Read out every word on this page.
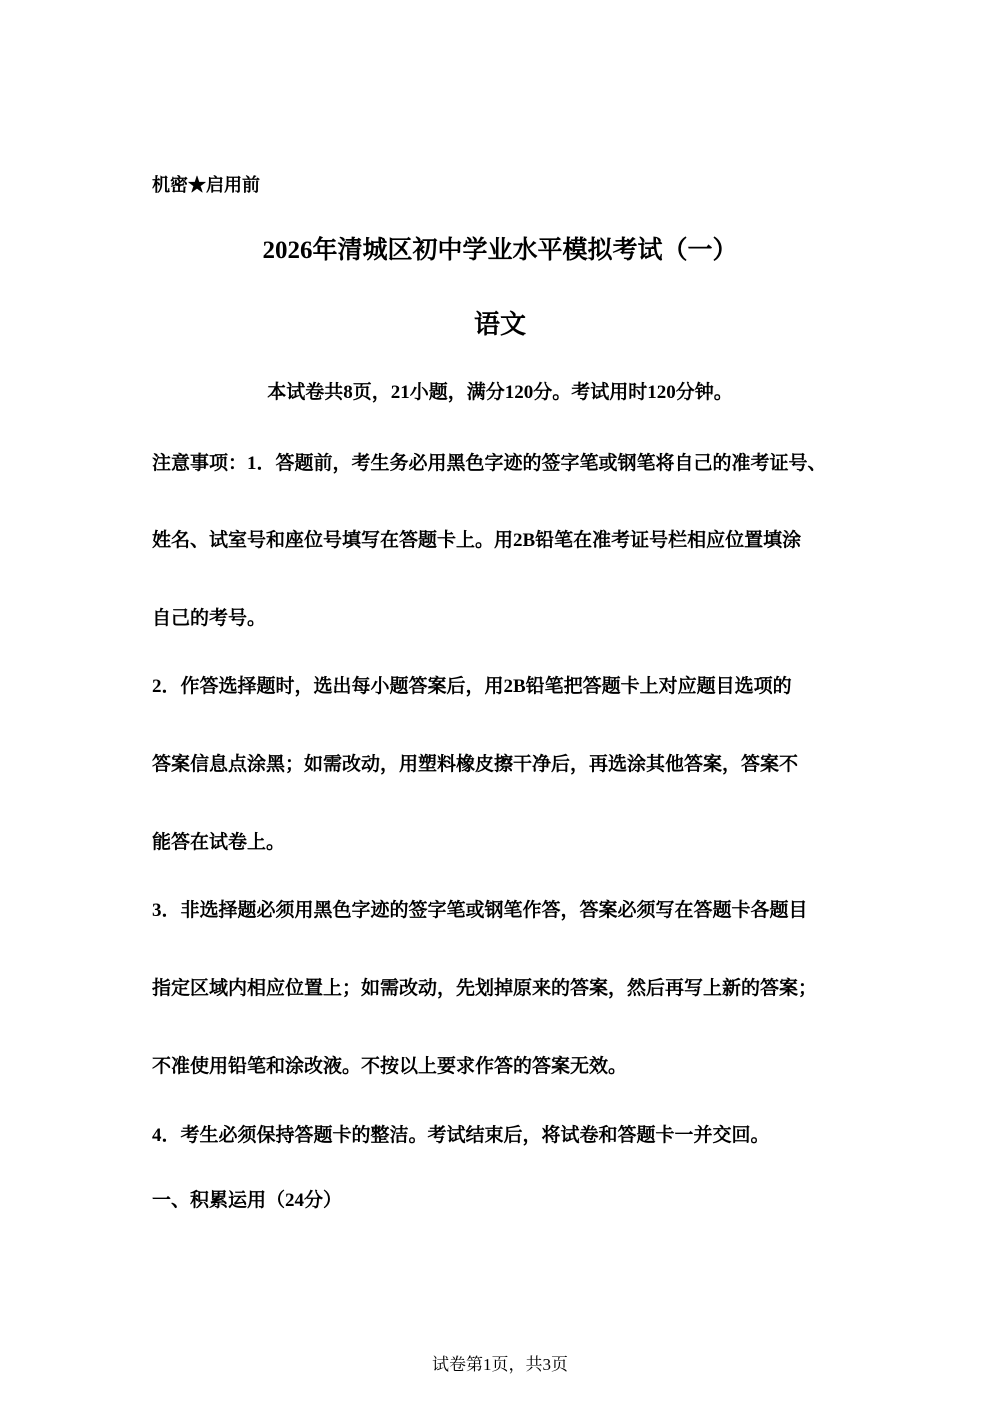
机密★启用前
2026年清城区初中学业水平模拟考试（一）
语文
本试卷共8页，21小题，满分120分。考试用时120分钟。
注意事项：1．答题前，考生务必用黑色字迹的签字笔或钢笔将自己的准考证号、
姓名、试室号和座位号填写在答题卡上。用2B铅笔在准考证号栏相应位置填涂
自己的考号。
2．作答选择题时，选出每小题答案后，用2B铅笔把答题卡上对应题目选项的
答案信息点涂黑；如需改动，用塑料橡皮擦干净后，再选涂其他答案，答案不
能答在试卷上。
3．非选择题必须用黑色字迹的签字笔或钢笔作答，答案必须写在答题卡各题目
指定区域内相应位置上；如需改动，先划掉原来的答案，然后再写上新的答案；
不准使用铅笔和涂改液。不按以上要求作答的答案无效。
4．考生必须保持答题卡的整洁。考试结束后，将试卷和答题卡一并交回。
一、积累运用（24分）
试卷第1页，共3页
